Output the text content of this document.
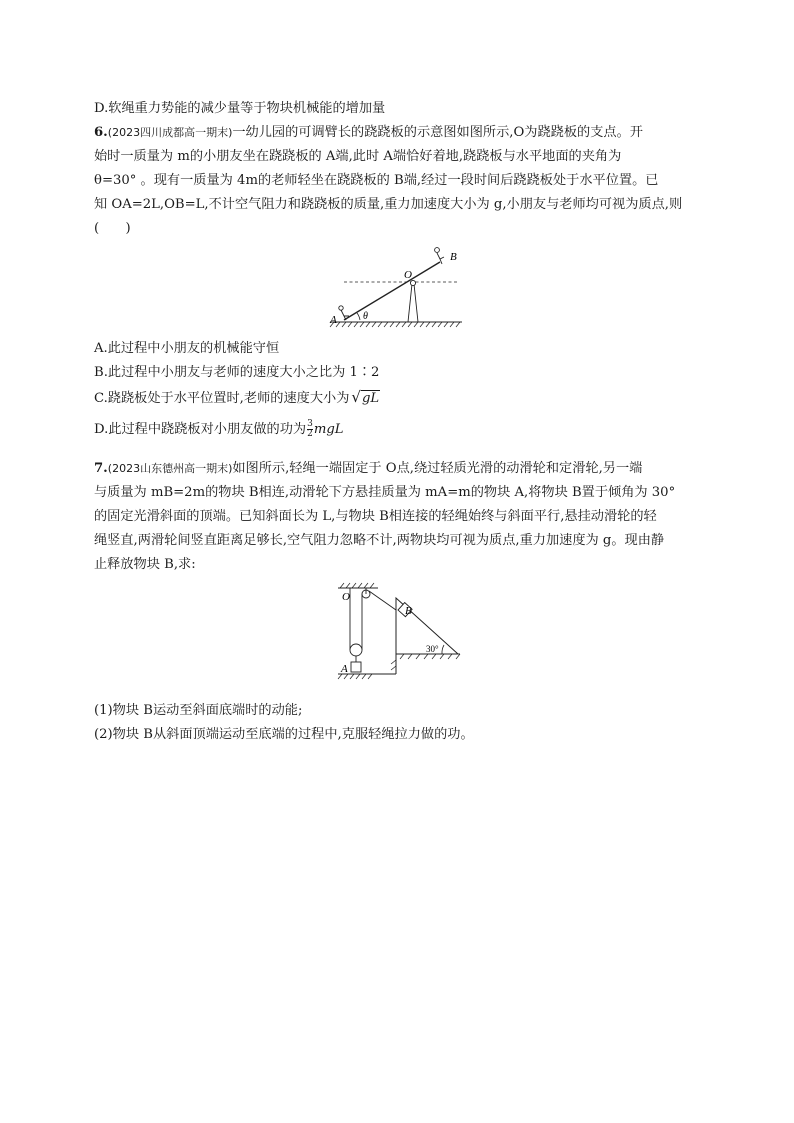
D.软绳重力势能的减少量等于物块机械能的增加量
6.(2023四川成都高一期末)一幼儿园的可调臂长的跷跷板的示意图如图所示,O为跷跷板的支点。开
始时一质量为 m的小朋友坐在跷跷板的 A端,此时 A端恰好着地,跷跷板与水平地面的夹角为
θ=30° 。现有一质量为 4m的老师轻坐在跷跷板的 B端,经过一段时间后跷跷板处于水平位置。已
知 OA=2L,OB=L,不计空气阻力和跷跷板的质量,重力加速度大小为 g,小朋友与老师均可视为质点,则
(　　)
O
A
B
θ
A.此过程中小朋友的机械能守恒
B.此过程中小朋友与老师的速度大小之比为 1∶2
C.跷跷板处于水平位置时,老师的速度大小为 √gL
D.此过程中跷跷板对小朋友做的功为 $\frac{3}{2}$ mgL
7.(2023山东德州高一期末)如图所示,轻绳一端固定于 O点,绕过轻质光滑的动滑轮和定滑轮,另一端
与质量为 mB=2m的物块 B相连,动滑轮下方悬挂质量为 mA=m的物块 A,将物块 B置于倾角为 30°
的固定光滑斜面的顶端。已知斜面长为 L,与物块 B相连接的轻绳始终与斜面平行,悬挂动滑轮的轻
绳竖直,两滑轮间竖直距离足够长,空气阻力忽略不计,两物块均可视为质点,重力加速度为 g。现由静
止释放物块 B,求:
O
A
B
30°
(1)物块 B运动至斜面底端时的动能;
(2)物块 B从斜面顶端运动至底端的过程中,克服轻绳拉力做的功。
